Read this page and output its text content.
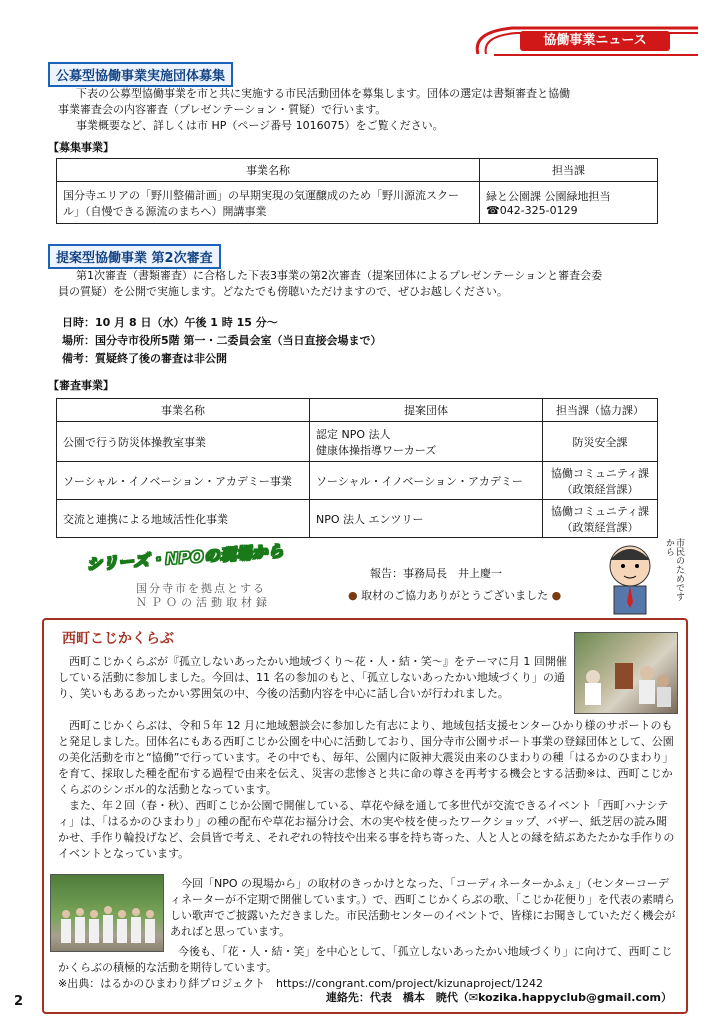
協働事業ニュース
公募型協働事業実施団体募集

下表の公募型協働事業を市と共に実施する市民活動団体を募集します。団体の選定は書類審査と協働

事業審査会の内容審査（プレゼンテーション・質疑）で行います。

事業概要など、詳しくは市 HP（ページ番号 1016075）をご覧ください。

【募集事業】
事業名称	担当課
国分寺エリアの「野川整備計画」の早期実現の気運醸成のため「野川源流スクール」（自慢できる源流のまちへ）開講事業	緑と公園課 公園緑地担当
☎042-325-0129
提案型協働事業 第2次審査

第1次審査（書類審査）に合格した下表3事業の第2次審査（提案団体によるプレゼンテーションと審査会委

員の質疑）を公開で実施します。どなたでも傍聴いただけますので、ぜひお越しください。

日時：10 月 8 日（水）午後 1 時 15 分～

場所：国分寺市役所5階 第一・二委員会室（当日直接会場まで）

備考：質疑終了後の審査は非公開

【審査事業】
事業名称	提案団体	担当課（協力課）
公園で行う防災体操教室事業	認定 NPO 法人
健康体操指導ワーカーズ	防災安全課

ソーシャル・イノベーション・アカデミー事業	ソーシャル・イノベーション・アカデミー	協働コミュニティ課
（政策経営課）

交流と連携による地域活性化事業	NPO 法人 エンツリー	協働コミュニティ課
（政策経営課）
シリーズ・NPOの現場から
国分寺市を拠点とする
ＮＰＯの活動取材録
報告：事務局長　井上慶一
● 取材のご協力ありがとうございました ●	市民のためですから
西町こじかくらぶ

西町こじかくらぶが『孤立しないあったかい地域づくり～花・人・結・笑～』をテーマに月 1 回開催している活動に参加しました。今回は、11 名の参加のもと、「孤立しないあったかい地域づくり」の通り、笑いもあるあったかい雰囲気の中、今後の活動内容を中心に話し合いが行われました。

西町こじかくらぶは、令和５年 12 月に地域懇談会に参加した有志により、地域包括支援センターひかり様のサポートのもと発足しました。団体名にもある西町こじか公園を中心に活動しており、国分寺市公園サポート事業の登録団体として、公園の美化活動を市と“協働”で行っています。その中でも、毎年、公園内に阪神大震災由来のひまわりの種「はるかのひまわり」を育て、採取した種を配布する過程で由来を伝え、災害の悲惨さと共に命の尊さを再考する機会とする活動※は、西町こじかくらぶのシンボル的な活動となっています。

また、年２回（春・秋）、西町こじか公園で開催している、草花や緑を通して多世代が交流できるイベント「西町ハナシティ」は、「はるかのひまわり」の種の配布や草花お福分け会、木の実や枝を使ったワークショップ、バザー、紙芝居の読み聞かせ、手作り輪投げなど、会員皆で考え、それぞれの特技や出来る事を持ち寄った、人と人との縁を結ぶあたたかな手作りのイベントとなっています。

今回「NPO の現場から」の取材のきっかけとなった、「コーディネーターかふぇ」（センターコーディネーターが不定期で開催しています。）で、西町こじかくらぶの歌、「こじか花便り」を代表の素晴らしい歌声でご披露いただきました。市民活動センターのイベントで、皆様にお聞きしていただく機会があればと思っています。

今後も、「花・人・結・笑」を中心として、「孤立しないあったかい地域づくり」に向けて、西町こじかくらぶの積極的な活動を期待しています。

※出典：はるかのひまわり絆プロジェクト　https://congrant.com/project/kizunaproject/1242

連絡先：代表　橋本　暁代（✉kozika.happyclub@gmail.com）
2
